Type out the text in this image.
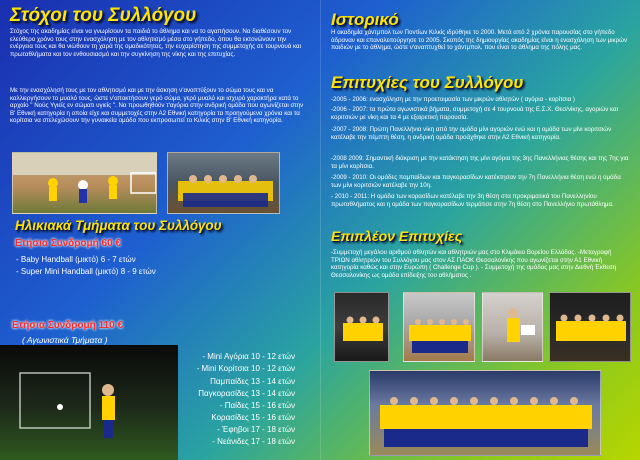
Στόχοι του Συλλόγου
Στόχος της ακαδημίας είναι να γνωρίσουν τα παιδιά το άθλημα και να το αγαπήσουν. Να διαθέσουν τον ελεύθερο χρόνο τους στην ενασχόληση με τον αθλητισμό μέσα στο γήπεδο, όπου θα εκτονώνουν την ενέργεια τους και θα νιώθουν τη χαρά της ομαδικότητας, την ευχαρίστηση της συμμετοχής σε τουρνουά και πρωταθλήματα και τον ενθουσιασμό και την συγκίνηση της νίκης και της επιτυχίας.
Με την ενασχόλησή τους με τον αθλητισμό και με την άσκηση ν'αναπτύξουν το σώμα τους και να καλλιεργήσουν το μυαλό τους, ώστε ν'αποκτήσουν γερό σώμα, γερό μυαλό και ισχυρό χαρακτήρα κατά το αρχαίο " Νούς Υγιείς εν σώματι υγιείς ". Να προωθηθούν τ'αγόρια στην ανδρική ομάδα που αγωνίζεται στην Β' Εθνική κατηγορία η οποία είχε και συμμετοχές στην Α2 Εθνική κατηγορία τα προηγούμενα χρόνια και τα κορίτσια να στελεχώσουν την γυναικεία ομάδα που εκπροσωπεί το Κιλκίς στην Β' Εθνική κατηγορία.
Ηλικιακά Τμήματα του Συλλόγου
Ετήσια Συνδρομή 60 €
- Baby Handball (μικτό) 6 - 7 ετών
- Super Mini Handball (μικτό) 8 - 9 ετών
Ετήσια Συνδρομή 110 €
( Αγωνιστικά Τμήματα )
- Mini Αγόρια 10 - 12 ετών
- Mini Κορίτσια 10 - 12 ετών
Παμπαίδες 13 - 14 ετών
Παγκορασίδες 13 - 14 ετών
- Παίδες 15 - 16 ετών
Κορασίδες 15 - 16 ετών
- Έφηβοι 17 - 18 ετών
- Νεάνιδες 17 - 18 ετών
Ιστορικό
Η ακαδημία χάντμπολ των Ποντίων Κιλκίς ιδρύθηκε το 2000. Μετά από 2 χρόνια παρουσίας στο γήπεδο άδραναν και επαναλειτούργησε το 2005. Σκοπός της δημιουργίας ακαδημίας είναι η ενασχόληση των μικρών παιδιών με το άθλημα, ώστε ν'αναπτυχθεί το χάντμπολ, που είναι το άθλημα της πόλης μας.
Επιτυχίες του Συλλόγου
-2005 - 2006: ενασχόληση με την προετοιμασία των μικρών αθλητών ( αγόρια - κορίτσια )
-2006 - 2007: τα πρώτα αγωνιστικά βήματα, συμμετοχή σε 4 τουρνουά της Ε.Σ.Χ. Θεσ/νίκης, αγοριών και κοριτσιών με νίκη και τα 4 με εξαιρετική παρουσία.
-2007 - 2008: Πρώτη Πανελλήνια νίκη από την ομάδα μίνι αγοριών ενώ και η ομάδα των μίνι κοριτσιών κατέλαβε την πέμπτη θέση, η ανδρική ομάδα προάχθηκε στην Α2 Εθνική κατηγορία.
-2008 2009: Σημαντική διάκριση με την κατάκτηση της μίνι αγόρια της 3ης Πανελλήνιας θέσης και της 7ης για τα μίνι κορίτσια.
-2009 - 2010: Οι ομάδες παμπαίδων και παγκορασίδων κατέκτησαν την 7η Πανελλήνια θέση ενώ η ομάδα των μίνι κοριτσιών κατέλαβε την 10η.
- 2010 - 2011: Η ομάδα των κορασίδων κατέλαβε την 3η θέση στα προκριματικά του Πανελληνίου πρωταθλήματος και η ομάδα των παγκορασίδων τερμάτισε στην 7η θέση στο Πανελλήνιο πρωτάθλημα.
Επιπλέον Επιτυχίες
-Συμμετοχή μεγάλου αριθμού αθλητών και αθλητριών μας στο Κλιμάκιο Βορείου Ελλάδας. -Μεταγραφή ΤΡΙΩΝ αθλητριών του Συλλόγου μας στον ΑΣ ΠΑΟΚ Θεσσαλονίκης που αγωνίζεται στην Α1 Εθνική κατηγορία καθώς και στην Ευρώπη ( Challenge Cup ). - Συμμετοχή της ομάδας μας στην Διεθνή Έκθεση Θεσσαλονίκης ως ομάδα επίδειξης του αθλήματος .
